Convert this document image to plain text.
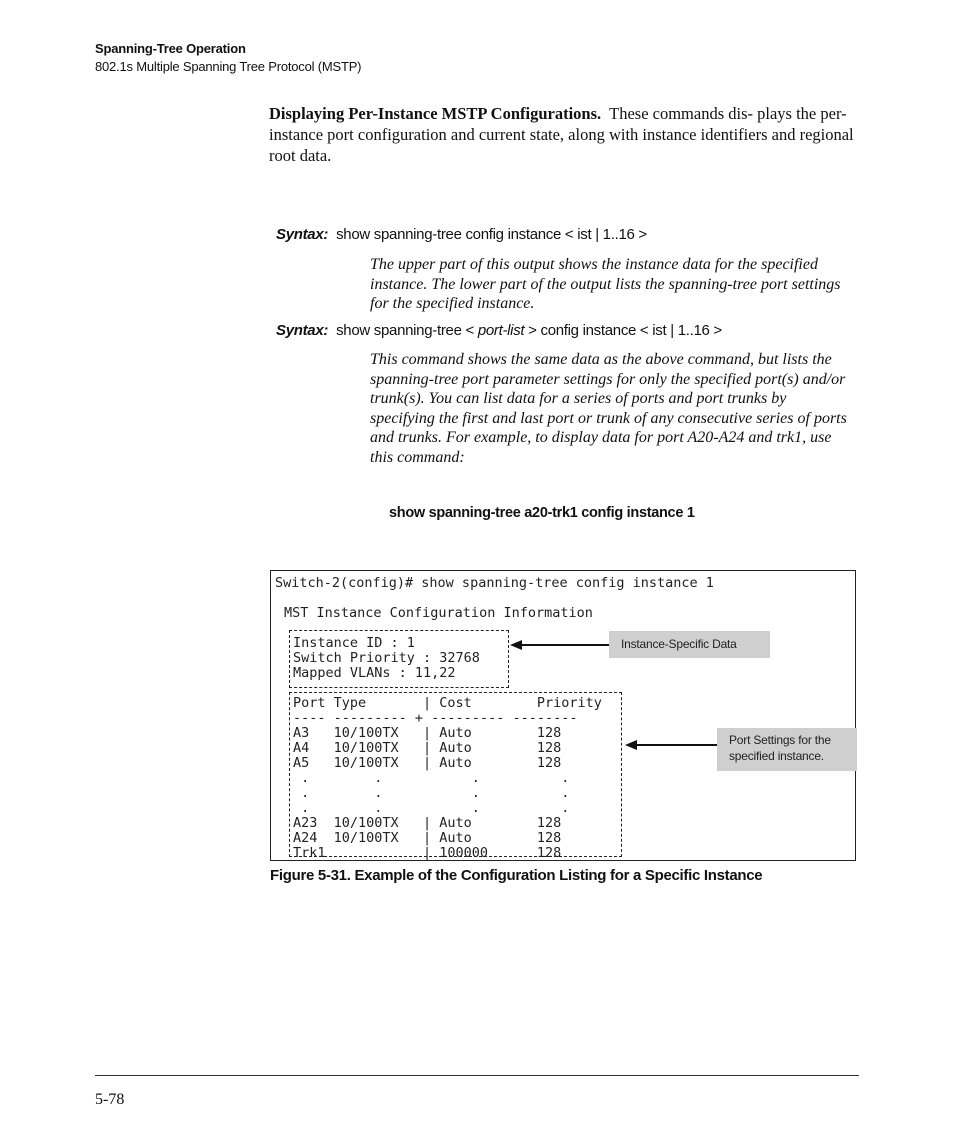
Spanning-Tree Operation
802.1s Multiple Spanning Tree Protocol (MSTP)
Displaying Per-Instance MSTP Configurations. These commands dis- plays the per-instance port configuration and current state, along with instance identifiers and regional root data.
Syntax: show spanning-tree config instance < ist | 1..16 >
The upper part of this output shows the instance data for the specified instance. The lower part of the output lists the spanning-tree port settings for the specified instance.
Syntax: show spanning-tree < port-list > config instance < ist | 1..16 >
This command shows the same data as the above command, but lists the spanning-tree port parameter settings for only the specified port(s) and/or trunk(s). You can list data for a series of ports and port trunks by specifying the first and last port or trunk of any consecutive series of ports and trunks. For example, to display data for port A20-A24 and trk1, use this command:
show spanning-tree a20-trk1 config instance 1
Switch-2(config)# show spanning-tree config instance 1
MST Instance Configuration Information
Instance ID : 1
Switch Priority : 32768
Mapped VLANs : 11,22
Port Type       | Cost        Priority
---- --------- + --------- --------
A3   10/100TX   | Auto        128
A4   10/100TX   | Auto        128
A5   10/100TX   | Auto        128
.        .           .          .
.        .           .          .
.        .           .          .
A23  10/100TX   | Auto        128
A24  10/100TX   | Auto        128
Trk1            | 100000      128
Instance-Specific Data
Port Settings for the specified instance.
Figure 5-31. Example of the Configuration Listing for a Specific Instance
5-78
